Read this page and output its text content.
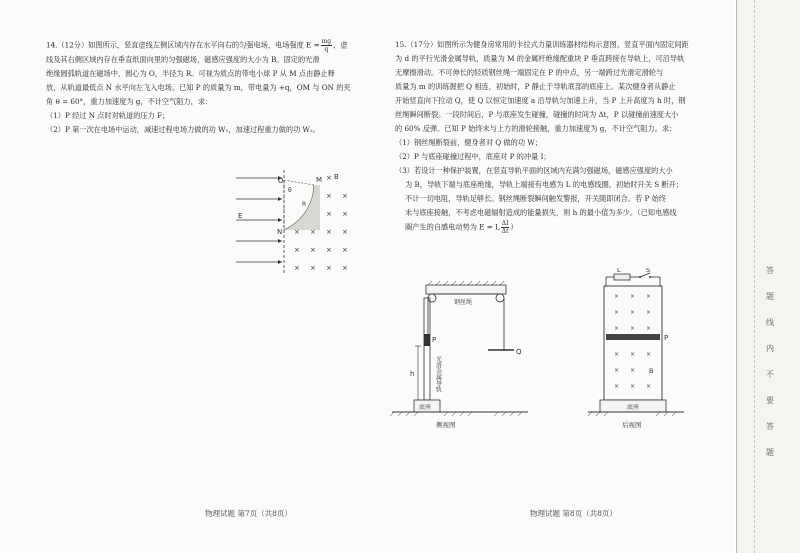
答
题
线
内
不
要
答
题

14.（12分）如图所示，竖直虚线左侧区域内存在水平向右的匀强电场，电场强度 $E = \frac{mg}{q}$ ，虚

线及其右侧区域内存在垂直纸面向里的匀强磁场，磁感应强度的大小为 B。固定的光滑

绝缘圆弧轨道在磁场中，圆心为 O，半径为 R。可视为质点的带电小球 P 从 M 点由静止释

放，从轨道最低点 N 水平向左飞入电场。已知 P 的质量为 m，带电量为 +q，OM 与 ON 的夹

角 θ = 60°，重力加速度为 g，不计空气阻力，求：

（1）P 经过 N 点时对轨道的压力 F；

（2）P 第一次在电场中运动，减速过程电场力做的功 W₁，加速过程重力做的功 W₂。

E
O	M
N
θ
R
B
×
×
×
×
×
×
×
×
×
×
×
×
×
×
×
×
×
物理试题 第7页（共8页）

15.（17分）如图所示为健身房常用的卡拉式力量训练器材结构示意图。竖直平面内固定间距

为 d 的平行光滑金属导轨，质量为 M 的金属杆绝缘配重块 P 垂直跨接在导轨上，可沿导轨

无摩擦滑动。不可伸长的轻质钢丝绳一端固定在 P 的中点，另一端跨过光滑定滑轮与

质量为 m 的训练握把 Q 相连，初始时，P 静止于导轨底部的底座上。某次健身者从静止

开始竖直向下拉动 Q，使 Q 以恒定加速度 a 沿导轨匀加速上升，当 P 上升高度为 h 时，钢

丝绳瞬间断裂。一段时间后，P 与底座发生碰撞，碰撞的时间为 Δt，P 以碰撞前速度大小

的 60% 反弹。已知 P 始终未与上方的滑轮接触，重力加速度为 g，不计空气阻力。求：

（1）钢丝绳断裂前，健身者对 Q 做的功 W；

（2）P 与底座碰撞过程中，底座对 P 的冲量 I；

（3）若设计一种保护装置，在竖直导轨平面的区域内充满匀强磁场，磁感应强度的大小

为 B，导轨下端与底座绝缘，导轨上端接有电感为 L 的电感线圈，初始时开关 S 断开；

不计一切电阻，导轨足够长。钢丝绳断裂瞬间触发警报，开关随即闭合。若 P 始终

未与底座接触，不考虑电磁辐射造成的能量损失，则 h 的最小值为多少。（已知电感线

圈产生的自感电动势为 E = L $\frac{\Delta I}{\Delta t}$ ）

钢丝绳
Q
P
光滑金属导轨
h
底座
侧视图
L	S
P
B
×
×
×
×
×
×
×
×
×
×
×
×
×
×
×
×
×
底座
后视图
物理试题 第8页（共8页）
